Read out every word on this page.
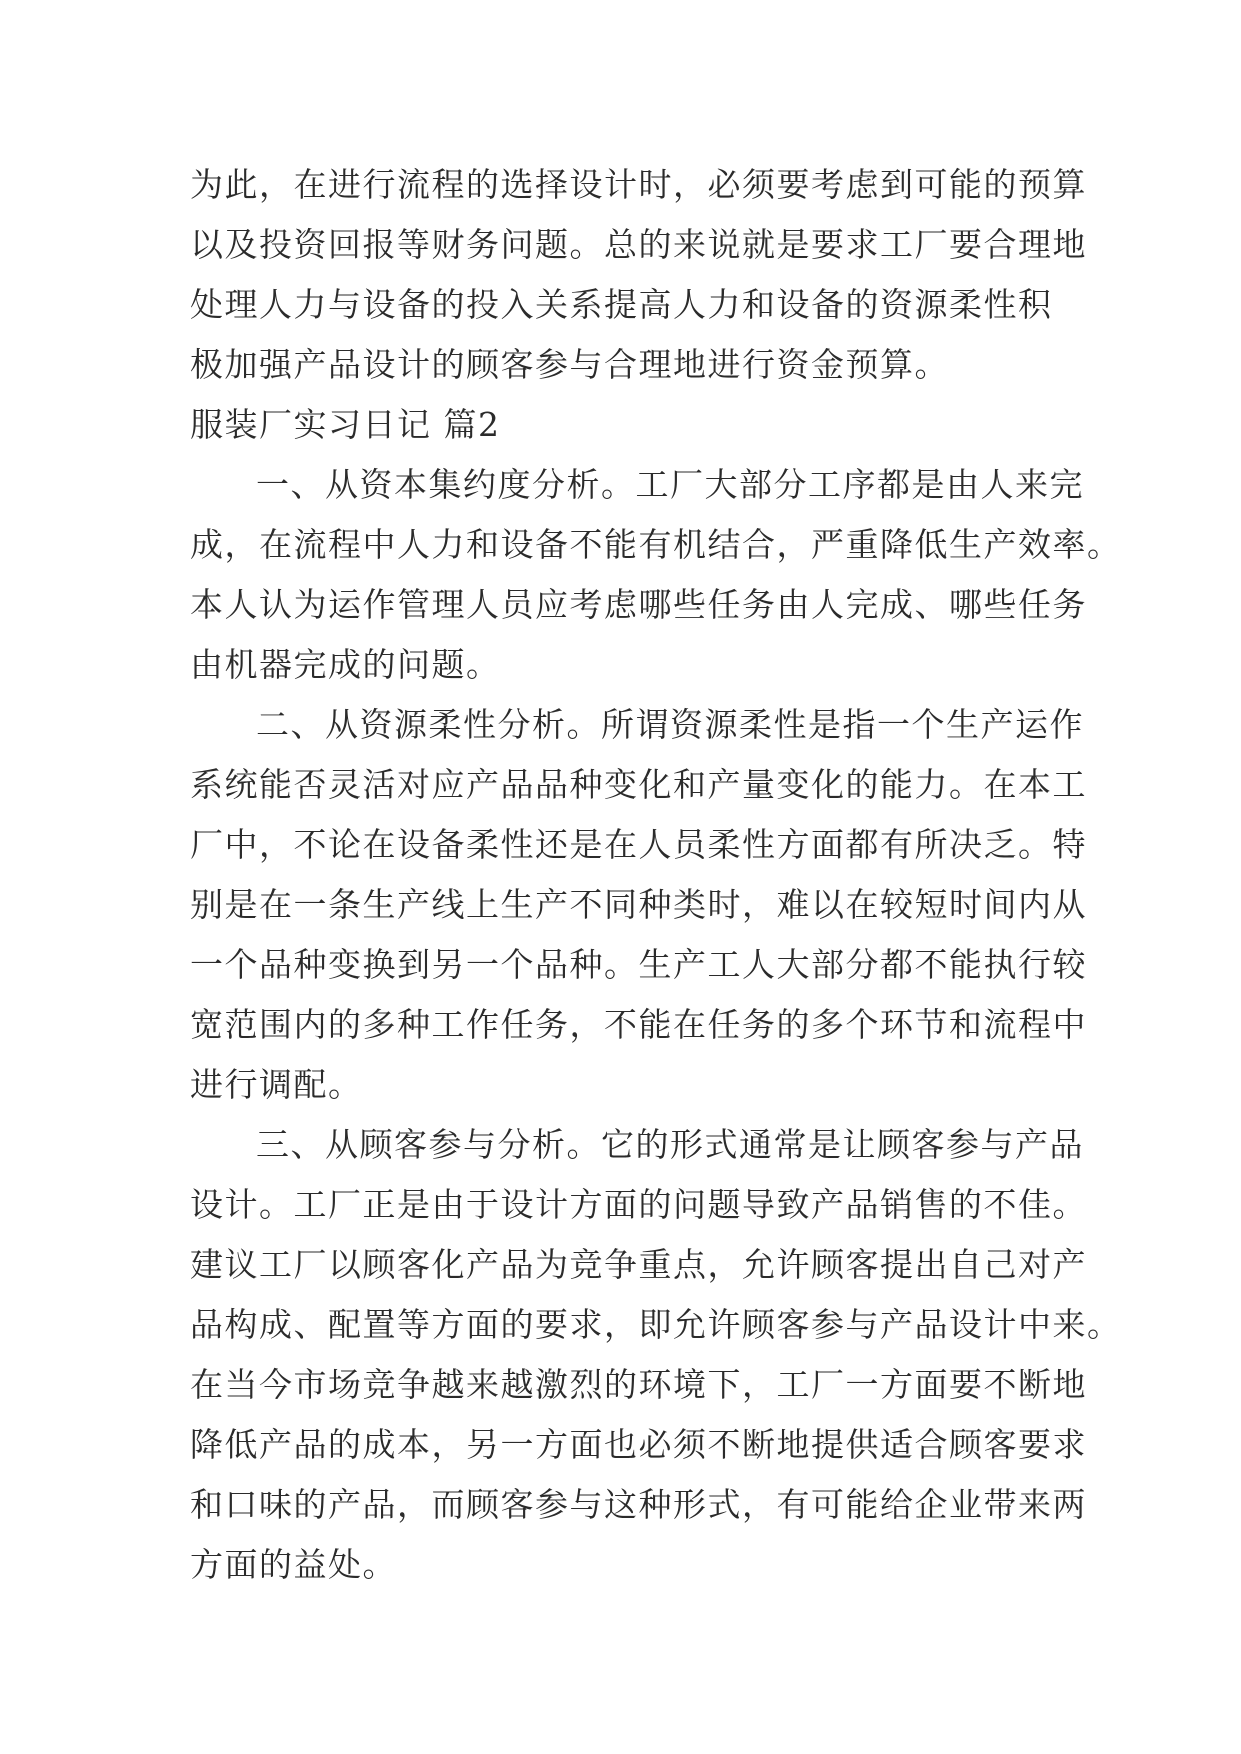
为此，在进行流程的选择设计时，必须要考虑到可能的预算
以及投资回报等财务问题。总的来说就是要求工厂要合理地
处理人力与设备的投入关系提高人力和设备的资源柔性积
极加强产品设计的顾客参与合理地进行资金预算。
服装厂实习日记 篇2
一、从资本集约度分析。工厂大部分工序都是由人来完
成，在流程中人力和设备不能有机结合，严重降低生产效率。
本人认为运作管理人员应考虑哪些任务由人完成、哪些任务
由机器完成的问题。
二、从资源柔性分析。所谓资源柔性是指一个生产运作
系统能否灵活对应产品品种变化和产量变化的能力。在本工
厂中，不论在设备柔性还是在人员柔性方面都有所决乏。特
别是在一条生产线上生产不同种类时，难以在较短时间内从
一个品种变换到另一个品种。生产工人大部分都不能执行较
宽范围内的多种工作任务，不能在任务的多个环节和流程中
进行调配。
三、从顾客参与分析。它的形式通常是让顾客参与产品
设计。工厂正是由于设计方面的问题导致产品销售的不佳。
建议工厂以顾客化产品为竞争重点，允许顾客提出自己对产
品构成、配置等方面的要求，即允许顾客参与产品设计中来。
在当今市场竞争越来越激烈的环境下，工厂一方面要不断地
降低产品的成本，另一方面也必须不断地提供适合顾客要求
和口味的产品，而顾客参与这种形式，有可能给企业带来两
方面的益处。
